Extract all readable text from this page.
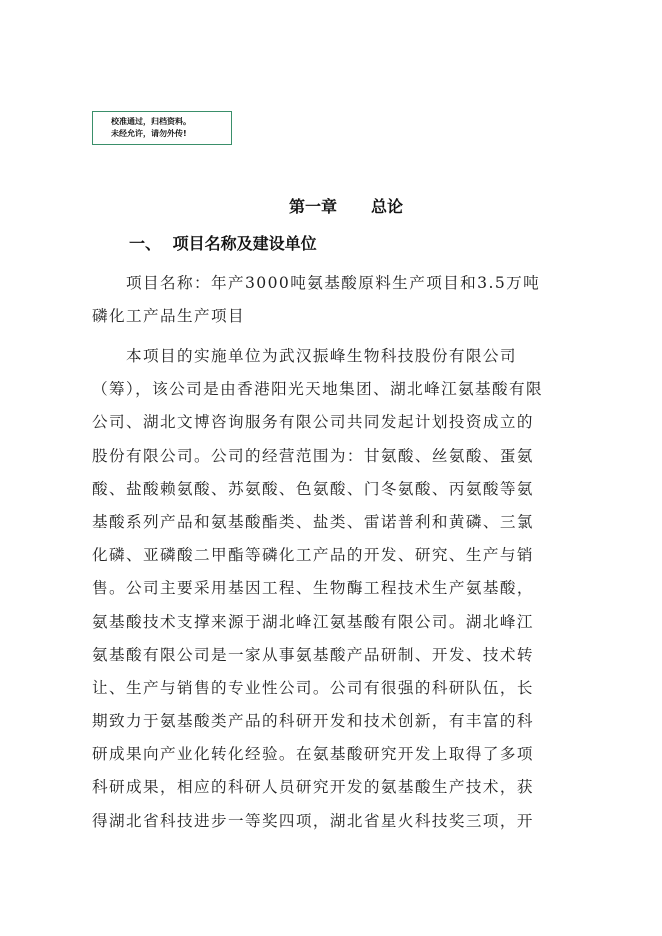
校准通过，归档资料。
未经允许，请勿外传!
第一章 总论
一、 项目名称及建设单位
项目名称：年产3000吨氨基酸原料生产项目和3.5万吨
磷化工产品生产项目
本项目的实施单位为武汉振峰生物科技股份有限公司
（筹），该公司是由香港阳光天地集团、湖北峰江氨基酸有限
公司、湖北文博咨询服务有限公司共同发起计划投资成立的
股份有限公司。公司的经营范围为：甘氨酸、丝氨酸、蛋氨
酸、盐酸赖氨酸、苏氨酸、色氨酸、门冬氨酸、丙氨酸等氨
基酸系列产品和氨基酸酯类、盐类、雷诺普利和黄磷、三氯
化磷、亚磷酸二甲酯等磷化工产品的开发、研究、生产与销
售。公司主要采用基因工程、生物酶工程技术生产氨基酸，
氨基酸技术支撑来源于湖北峰江氨基酸有限公司。湖北峰江
氨基酸有限公司是一家从事氨基酸产品研制、开发、技术转
让、生产与销售的专业性公司。公司有很强的科研队伍，长
期致力于氨基酸类产品的科研开发和技术创新，有丰富的科
研成果向产业化转化经验。在氨基酸研究开发上取得了多项
科研成果，相应的科研人员研究开发的氨基酸生产技术，获
得湖北省科技进步一等奖四项，湖北省星火科技奖三项，开
